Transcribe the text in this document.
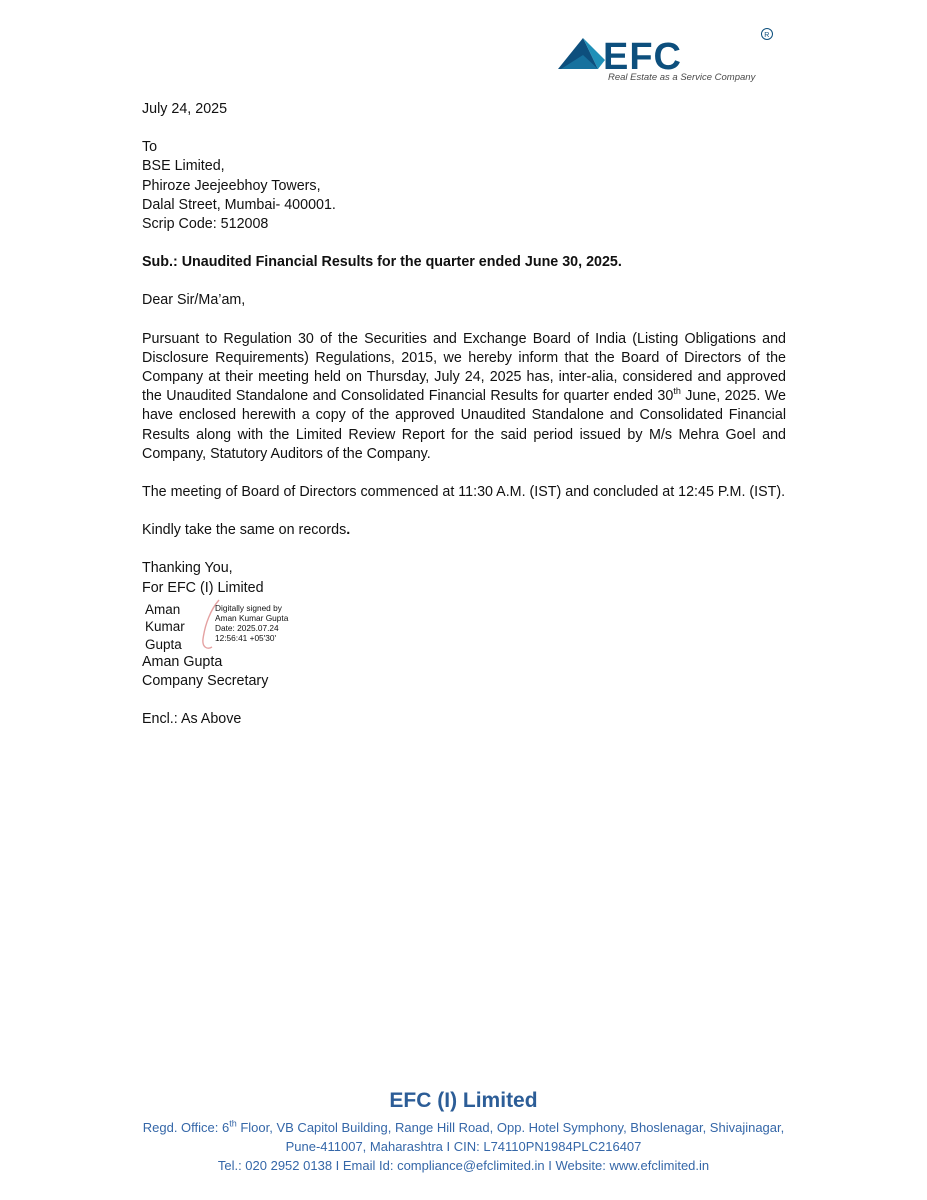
EFC
R
Real Estate as a Service Company
July 24, 2025
To
BSE Limited,
Phiroze Jeejeebhoy Towers,
Dalal Street, Mumbai- 400001.
Scrip Code: 512008
Sub.: Unaudited Financial Results for the quarter ended June 30, 2025.
Dear Sir/Ma’am,

Pursuant to Regulation 30 of the Securities and Exchange Board of India (Listing Obligations and Disclosure Requirements) Regulations, 2015, we hereby inform that the Board of Directors of the Company at their meeting held on Thursday, July 24, 2025 has, inter-alia, considered and approved the Unaudited Standalone and Consolidated Financial Results for quarter ended 30th June, 2025. We have enclosed herewith a copy of the approved Unaudited Standalone and Consolidated Financial Results along with the Limited Review Report for the said period issued by M/s Mehra Goel and Company, Statutory Auditors of the Company.

The meeting of Board of Directors commenced at 11:30 A.M. (IST) and concluded at 12:45 P.M. (IST).
Kindly take the same on records.
Thanking You,
For EFC (I) Limited
Aman
Kumar
Gupta
Digitally signed by
Aman Kumar Gupta
Date: 2025.07.24
12:56:41 +05'30'
Aman Gupta
Company Secretary
Encl.: As Above
EFC (I) Limited
Regd. Office: 6th Floor, VB Capitol Building, Range Hill Road, Opp. Hotel Symphony, Bhoslenagar, Shivajinagar,
Pune-411007, Maharashtra I CIN: L74110PN1984PLC216407
Tel.: 020 2952 0138 I Email Id: compliance@efclimited.in I Website: www.efclimited.in
